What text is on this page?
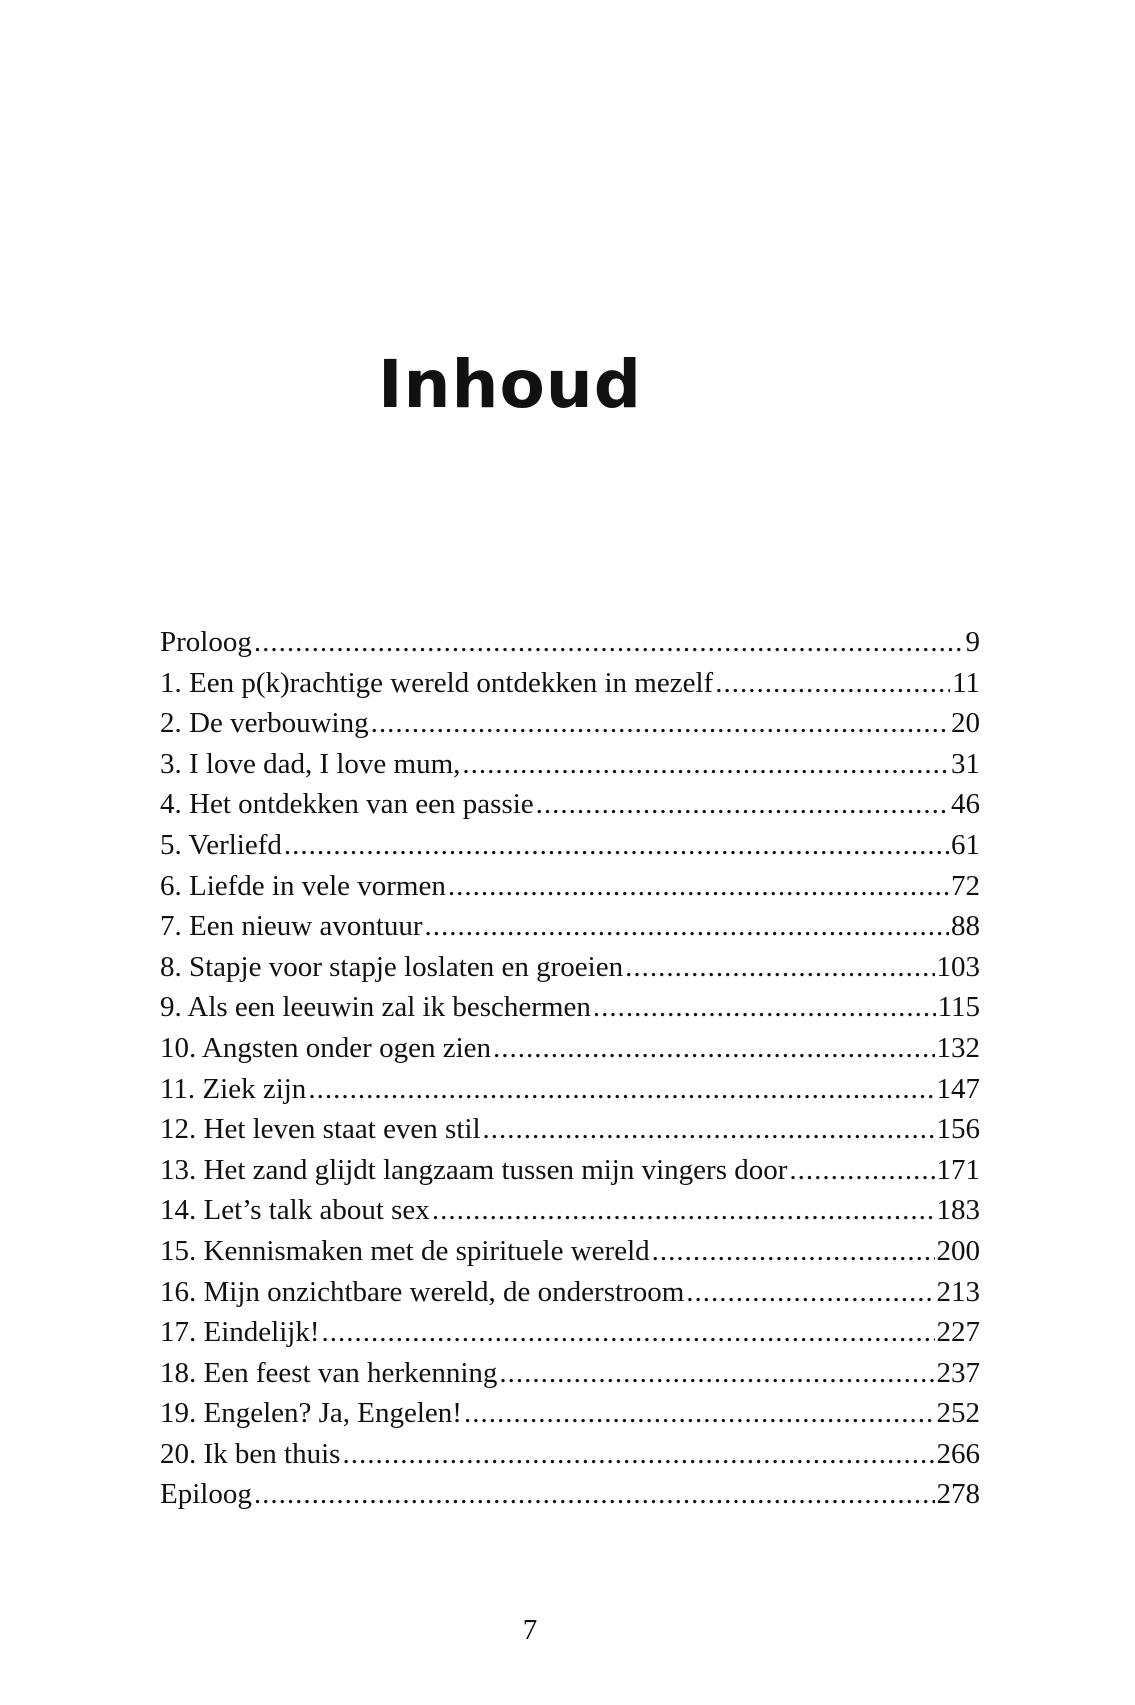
Inhoud
Proloog .....	9
1. Een p(k)rachtige wereld ontdekken in mezelf .....	11
2. De verbouwing .....	20
3. I love dad, I love mum, .....	31
4. Het ontdekken van een passie .....	46
5. Verliefd .....	61
6. Liefde in vele vormen .....	72
7. Een nieuw avontuur .....	88
8. Stapje voor stapje loslaten en groeien .....	103
9. Als een leeuwin zal ik beschermen .....	115
10. Angsten onder ogen zien .....	132
11. Ziek zijn .....	147
12. Het leven staat even stil .....	156
13. Het zand glijdt langzaam tussen mijn vingers door .....	171
14. Let’s talk about sex .....	183
15. Kennismaken met de spirituele wereld .....	200
16. Mijn onzichtbare wereld, de onderstroom .....	213
17. Eindelijk! .....	227
18. Een feest van herkenning .....	237
19. Engelen? Ja, Engelen! .....	252
20. Ik ben thuis .....	266
Epiloog .....	278
7
